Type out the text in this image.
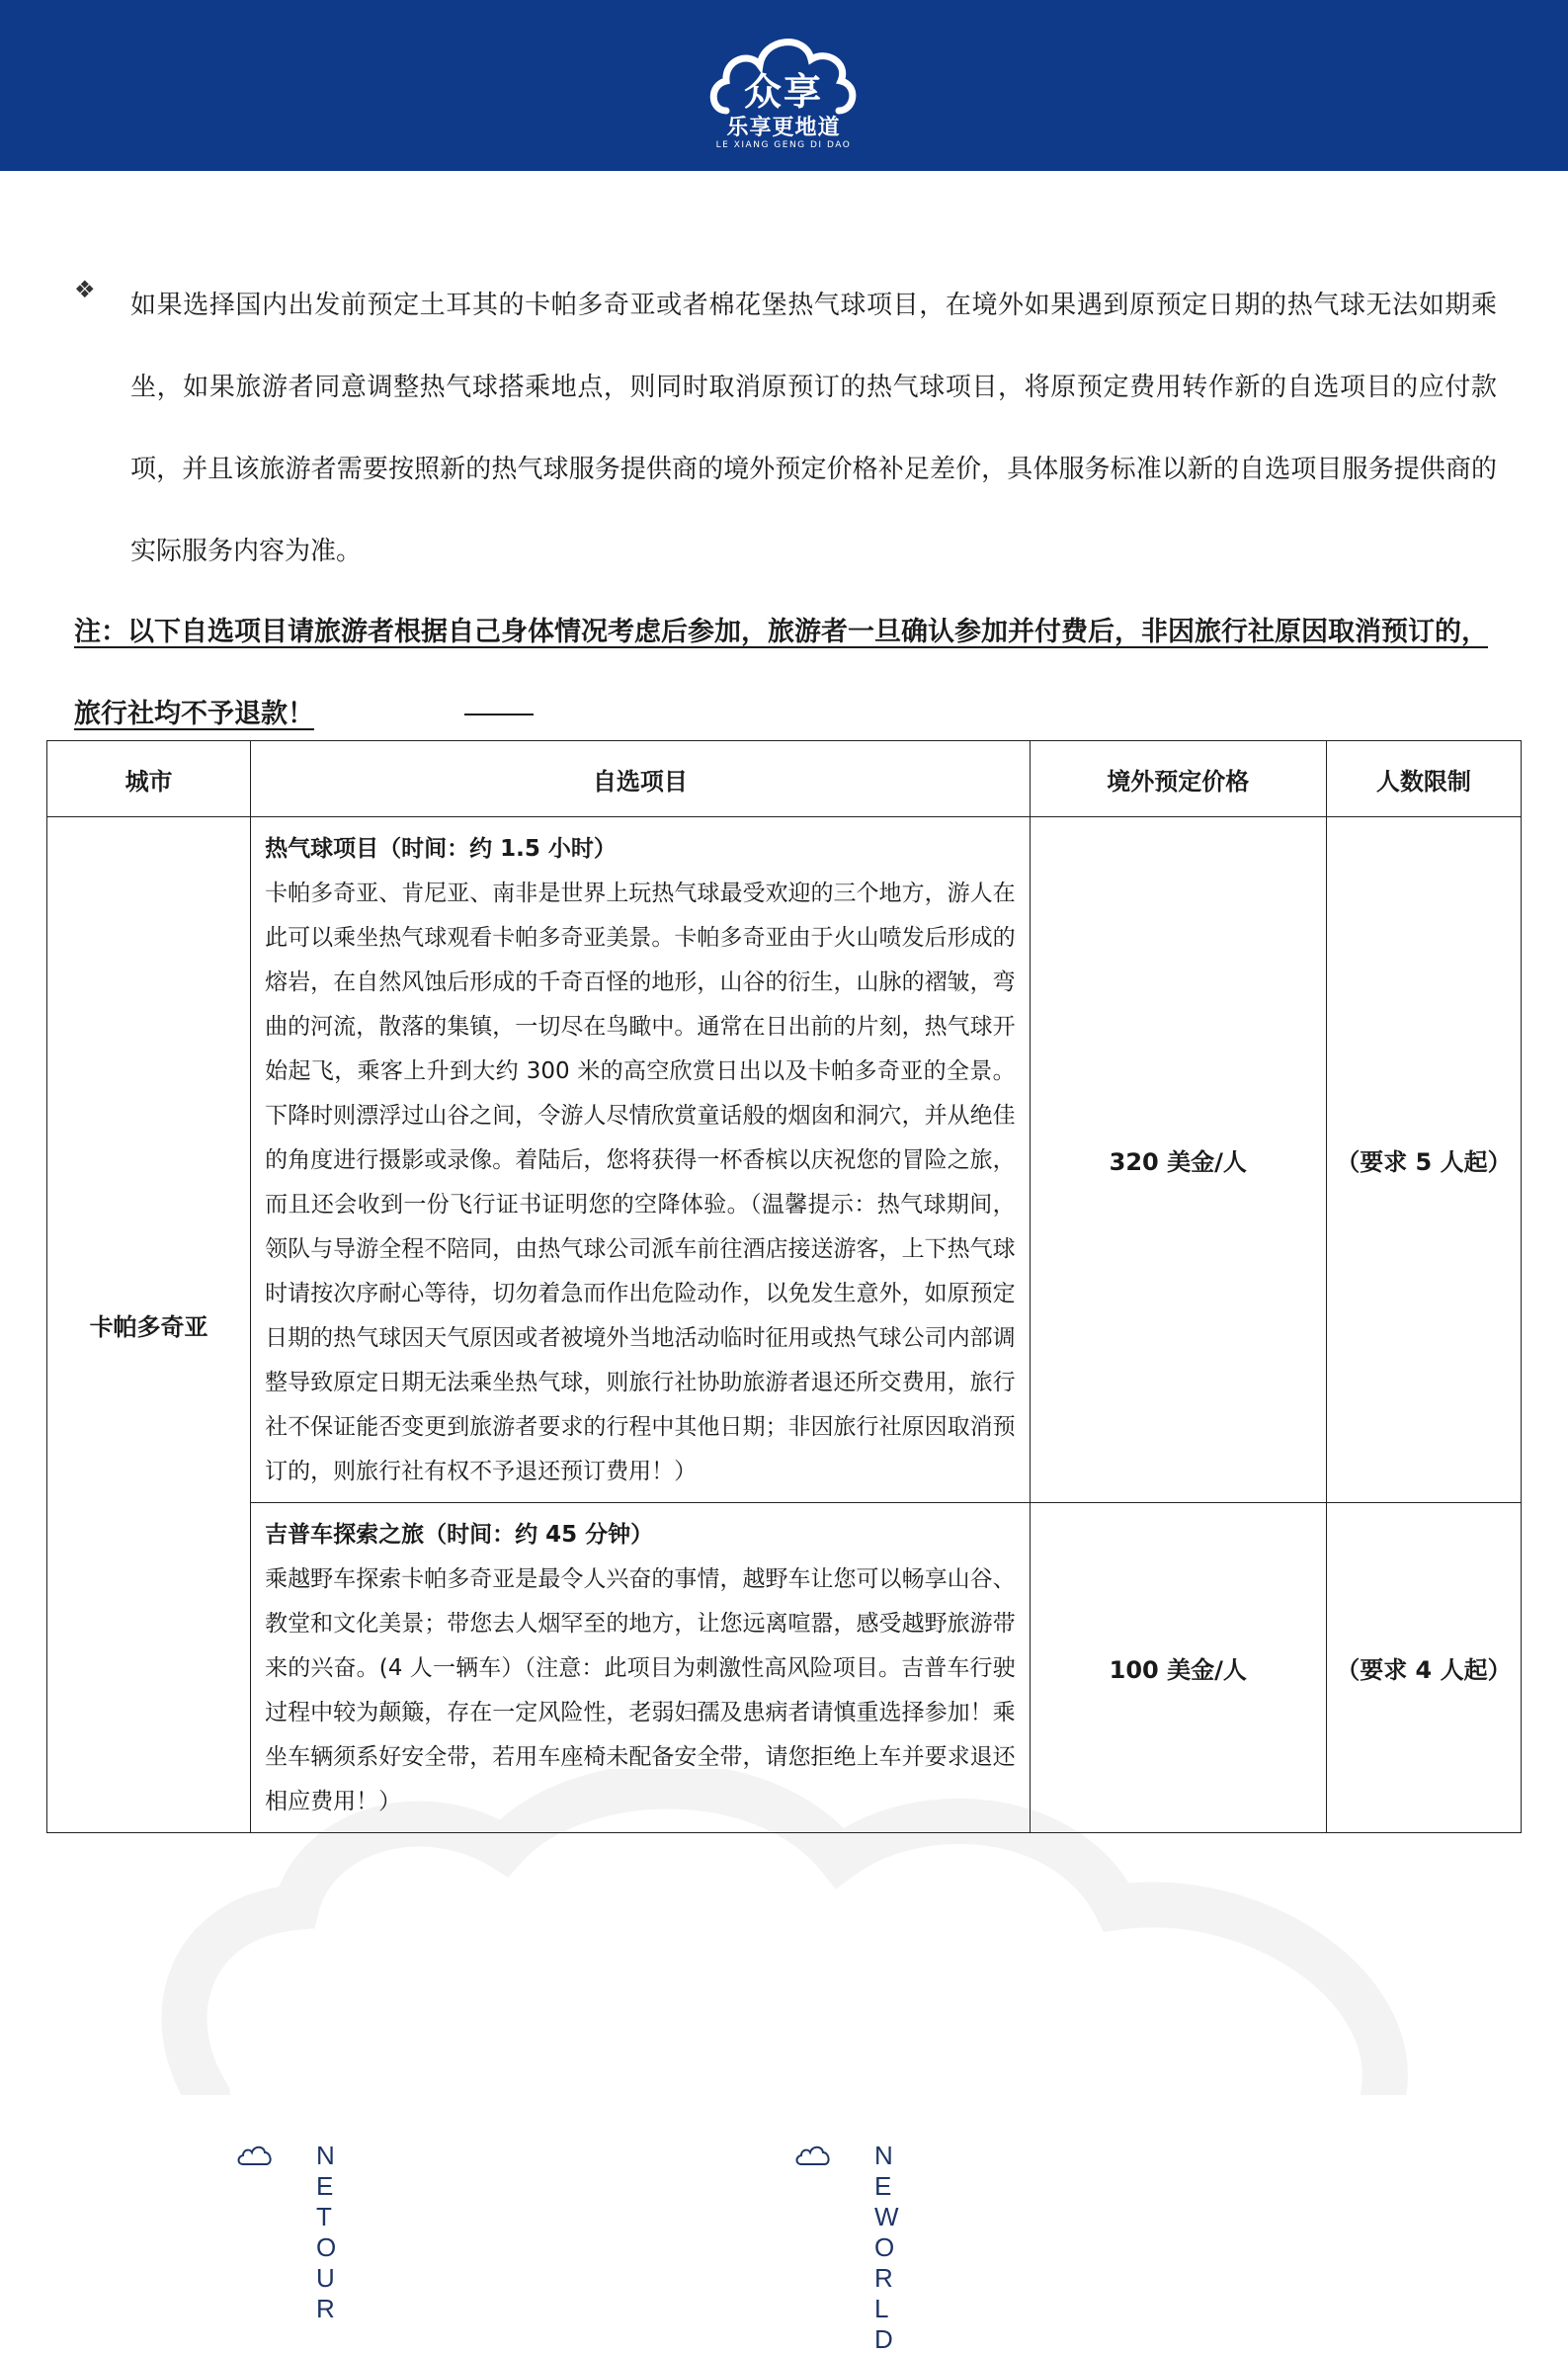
众享
乐享更地道
LE XIANG GENG DI DAO
❖
如果选择国内出发前预定土耳其的卡帕多奇亚或者棉花堡热气球项目，在境外如果遇到原预定日期的热气球无法如期乘坐，如果旅游者同意调整热气球搭乘地点，则同时取消原预订的热气球项目，将原预定费用转作新的自选项目的应付款项，并且该旅游者需要按照新的热气球服务提供商的境外预定价格补足差价，具体服务标准以新的自选项目服务提供商的实际服务内容为准。
注：以下自选项目请旅游者根据自己身体情况考虑后参加，旅游者一旦确认参加并付费后，非因旅行社原因取消预订的，旅行社均不予退款！
城市	自选项目	境外预定价格	人数限制
卡帕多奇亚	热气球项目（时间：约 1.5 小时）
卡帕多奇亚、肯尼亚、南非是世界上玩热气球最受欢迎的三个地方，游人在此可以乘坐热气球观看卡帕多奇亚美景。卡帕多奇亚由于火山喷发后形成的熔岩，在自然风蚀后形成的千奇百怪的地形，山谷的衍生，山脉的褶皱，弯曲的河流，散落的集镇，一切尽在鸟瞰中。通常在日出前的片刻，热气球开始起飞，乘客上升到大约 300 米的高空欣赏日出以及卡帕多奇亚的全景。下降时则漂浮过山谷之间，令游人尽情欣赏童话般的烟囱和洞穴，并从绝佳的角度进行摄影或录像。着陆后，您将获得一杯香槟以庆祝您的冒险之旅，而且还会收到一份飞行证书证明您的空降体验。（温馨提示：热气球期间，领队与导游全程不陪同，由热气球公司派车前往酒店接送游客，上下热气球时请按次序耐心等待，切勿着急而作出危险动作，以免发生意外，如原预定日期的热气球因天气原因或者被境外当地活动临时征用或热气球公司内部调整导致原定日期无法乘坐热气球，则旅行社协助旅游者退还所交费用，旅行社不保证能否变更到旅游者要求的行程中其他日期；非因旅行社原因取消预订的，则旅行社有权不予退还预订费用！）	320 美金/人	（要求 5 人起）

	吉普车探索之旅（时间：约 45 分钟）
乘越野车探索卡帕多奇亚是最令人兴奋的事情，越野车让您可以畅享山谷、教堂和文化美景；带您去人烟罕至的地方，让您远离喧嚣，感受越野旅游带来的兴奋。(4 人一辆车）（注意：此项目为刺激性高风险项目。吉普车行驶过程中较为颠簸，存在一定风险性，老弱妇孺及患病者请慎重选择参加！乘坐车辆须系好安全带，若用车座椅未配备安全带，请您拒绝上车并要求退还相应费用！）	100 美金/人	（要求 4 人起）
NETOUR
NEWORLD
